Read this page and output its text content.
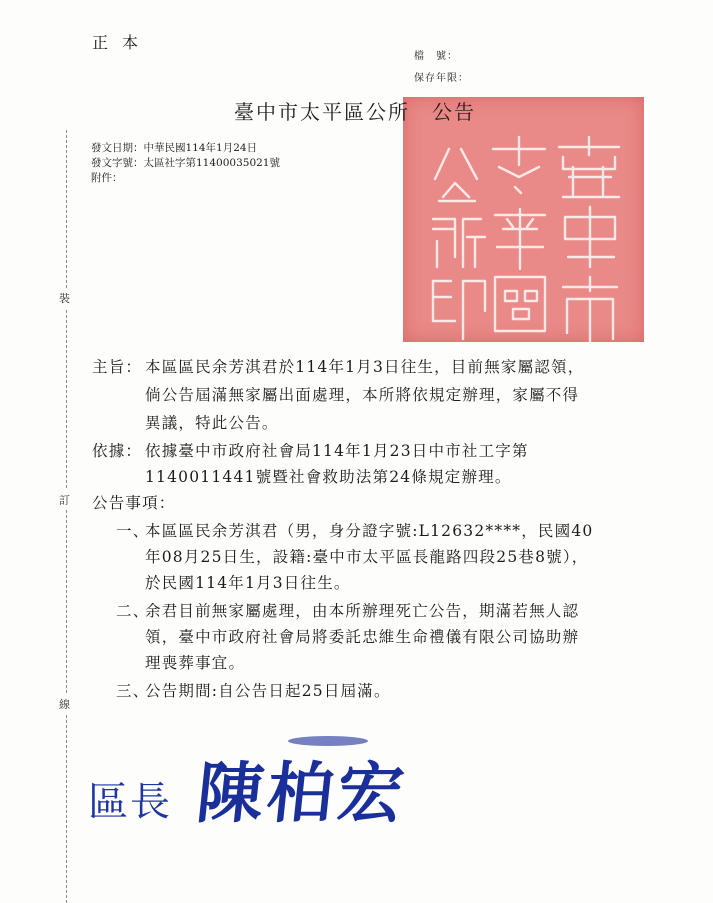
裝
訂
線
正本
檔　號：
保存年限：
臺中市太平區公所　公告
發文日期：中華民國114年1月24日
發文字號：太區社字第11400035021號
附件：
主旨： 本區區民余芳淇君於114年1月3日往生，目前無家屬認領，
倘公告屆滿無家屬出面處理，本所將依規定辦理，家屬不得
異議，特此公告。
依據： 依據臺中市政府社會局114年1月23日中市社工字第
1140011441號暨社會救助法第24條規定辦理。
公告事項：
一、
本區區民余芳淇君（男，身分證字號:L12632****，民國40
年08月25日生，設籍:臺中市太平區長龍路四段25巷8號），
於民國114年1月3日往生。
二、
余君目前無家屬處理，由本所辦理死亡公告，期滿若無人認
領，臺中市政府社會局將委託忠維生命禮儀有限公司協助辦
理喪葬事宜。
三、
公告期間:自公告日起25日屆滿。
區長 陳柏宏
